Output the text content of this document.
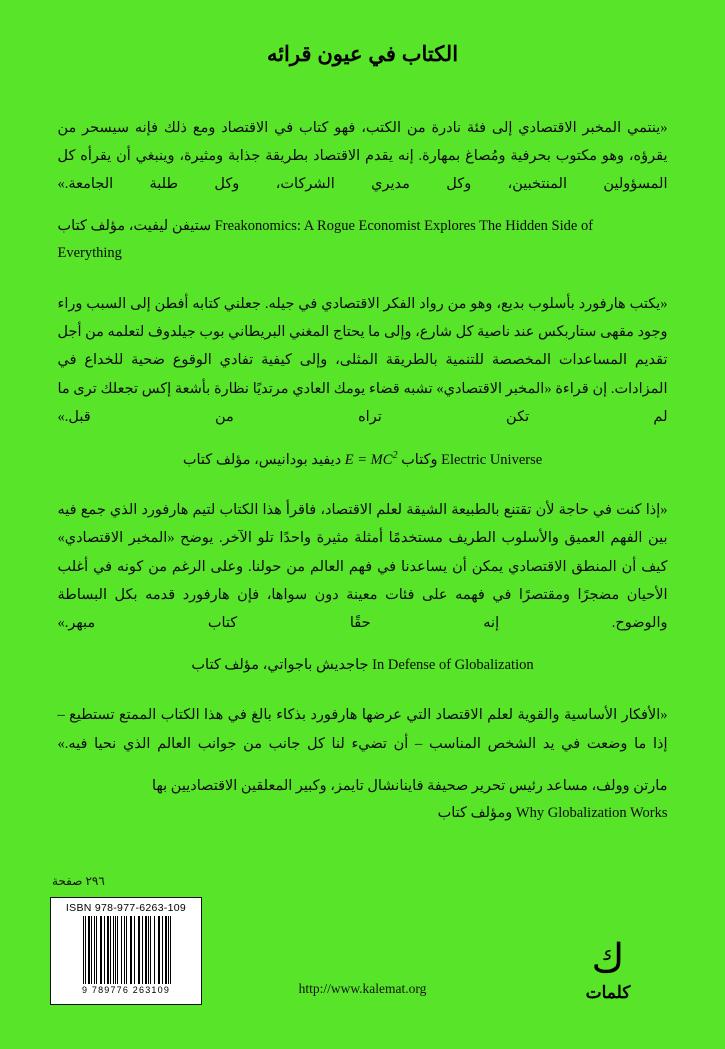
الكتاب في عيون قرائه

«ينتمي المخبر الاقتصادي إلى فئة نادرة من الكتب، فهو كتاب في الاقتصاد ومع ذلك فإنه سيسحر من يقرؤه، وهو مكتوب بحرفية ومُصاغ بمهارة. إنه يقدم الاقتصاد بطريقة جذابة ومثيرة، وينبغي أن يقرأه كل المسؤولين المنتخبين، وكل مديري الشركات، وكل طلبة الجامعة.»

Freakonomics: A Rogue Economist Explores The Hidden Side of ستيفن ليفيت، مؤلف كتاب
Everything

«يكتب هارفورد بأسلوب بديع، وهو من رواد الفكر الاقتصادي في جيله. جعلني كتابه أفطن إلى السبب وراء وجود مقهى ستاربكس عند ناصية كل شارع، وإلى ما يحتاج المغني البريطاني بوب جيلدوف لتعلمه من أجل تقديم المساعدات المخصصة للتنمية بالطريقة المثلى، وإلى كيفية تفادي الوقوع ضحية للخداع في المزادات. إن قراءة «المخبر الاقتصادي» تشبه قضاء يومك العادي مرتديًا نظارة بأشعة إكس تجعلك ترى ما لم تكن تراه من قبل.»

Electric Universe وكتاب $E = MC^2$ ديفيد بودانيس، مؤلف كتاب

«إذا كنت في حاجة لأن تقتنع بالطبيعة الشيقة لعلم الاقتصاد، فاقرأ هذا الكتاب لتيم هارفورد الذي جمع فيه بين الفهم العميق والأسلوب الطريف مستخدمًا أمثلة مثيرة واحدًا تلو الآخر. يوضح «المخبر الاقتصادي» كيف أن المنطق الاقتصادي يمكن أن يساعدنا في فهم العالم من حولنا. وعلى الرغم من كونه في أغلب الأحيان مضجرًا ومقتصرًا في فهمه على فئات معينة دون سواها، فإن هارفورد قدمه بكل البساطة والوضوح. إنه حقًا كتاب مبهر.»

In Defense of Globalization جاجديش باجواتي، مؤلف كتاب

«الأفكار الأساسية والقوية لعلم الاقتصاد التي عرضها هارفورد بذكاء بالغ في هذا الكتاب الممتع تستطيع – إذا ما وضعت في يد الشخص المناسب – أن تضيء لنا كل جانب من جوانب العالم الذي نحيا فيه.»

مارتن وولف، مساعد رئيس تحرير صحيفة فاينانشال تايمز، وكبير المعلقين الاقتصاديين بها
Why Globalization Works ومؤلف كتاب
٢٩٦ صفحة
ISBN 978-977-6263-109
9 789776 263109	http://www.kalemat.org
ك
كلمات
